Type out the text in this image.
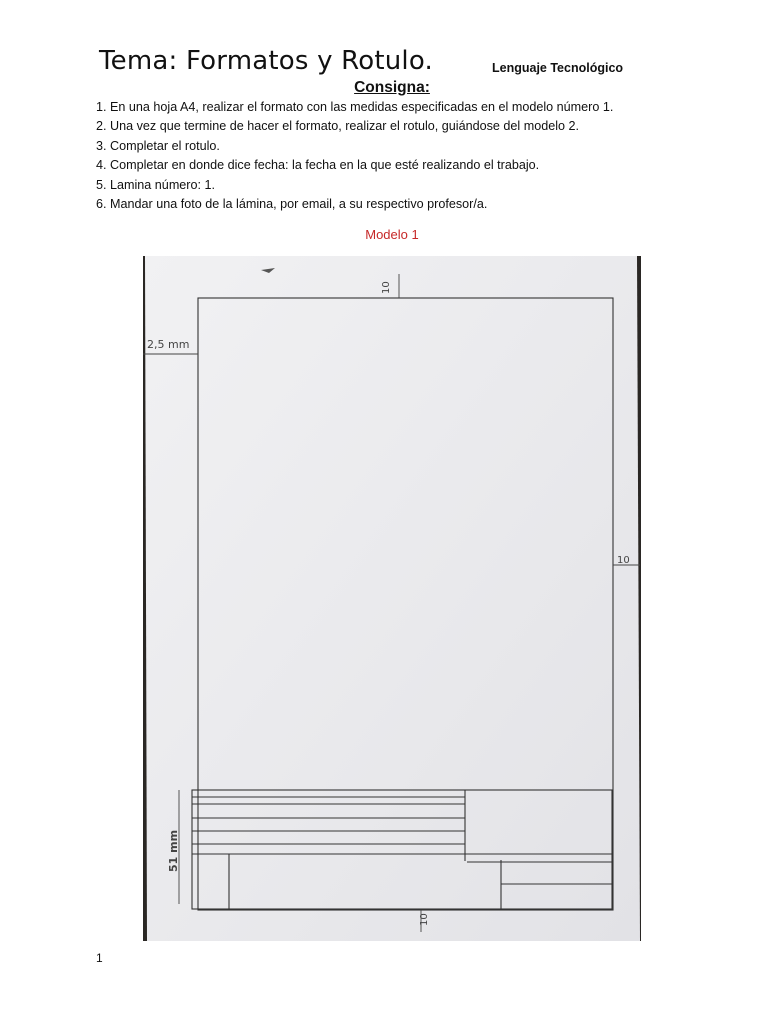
Tema: Formatos y Rotulo.	Lenguaje Tecnológico
Consigna:
1. En una hoja A4, realizar el formato con las medidas especificadas en el modelo número 1.
2. Una vez que termine de hacer el formato, realizar el rotulo, guiándose del modelo 2.
3. Completar el rotulo.
4. Completar en donde dice fecha: la fecha en la que esté realizando el trabajo.
5. Lamina número: 1.
6. Mandar una foto de la lámina, por email, a su respectivo profesor/a.
Modelo 1
10
2,5 mm
10
51 mm
10
1
